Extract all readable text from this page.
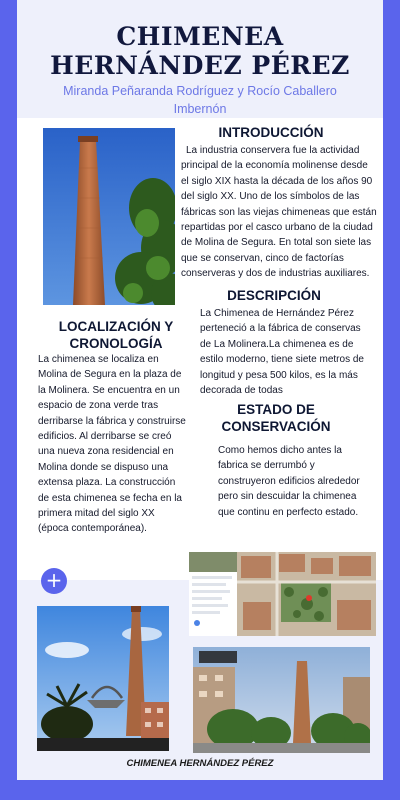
CHIMENEA
HERNÁNDEZ PÉREZ
Miranda Peñaranda Rodríguez y Rocío Caballero Imbernón
INTRODUCCIÓN
La industria conservera fue la actividad principal de la economía molinense desde el siglo XIX hasta la década de los años 90 del siglo XX. Uno de los símbolos de las fábricas son las viejas chimeneas que están repartidas por el casco urbano de la ciudad de Molina de Segura. En total son siete las que se conservan, cinco de factorías conserveras y dos de industrias auxiliares.
DESCRIPCIÓN
La Chimenea de Hernández Pérez perteneció a la fábrica de conservas de La Molinera.La chimenea es de estilo moderno, tiene siete metros de longitud y pesa 500 kilos, es la más decorada de todas
LOCALIZACIÓN Y
CRONOLOGÍA
La chimenea se localiza en Molina de Segura en la plaza de la Molinera. Se encuentra en un espacio de zona verde tras derribarse la fábrica y construirse edificios. Al derribarse se creó una nueva zona residencial en Molina donde se dispuso una extensa plaza. La construcción de esta chimenea se fecha en la primera mitad del siglo XX (época contemporánea).
ESTADO DE
CONSERVACIÓN
Como hemos dicho antes la fabrica se derrumbó y construyeron edificios alrededor pero sin descuidar la chimenea que continu en perfecto estado.
+
CHIMENEA HERNÁNDEZ PÉREZ
